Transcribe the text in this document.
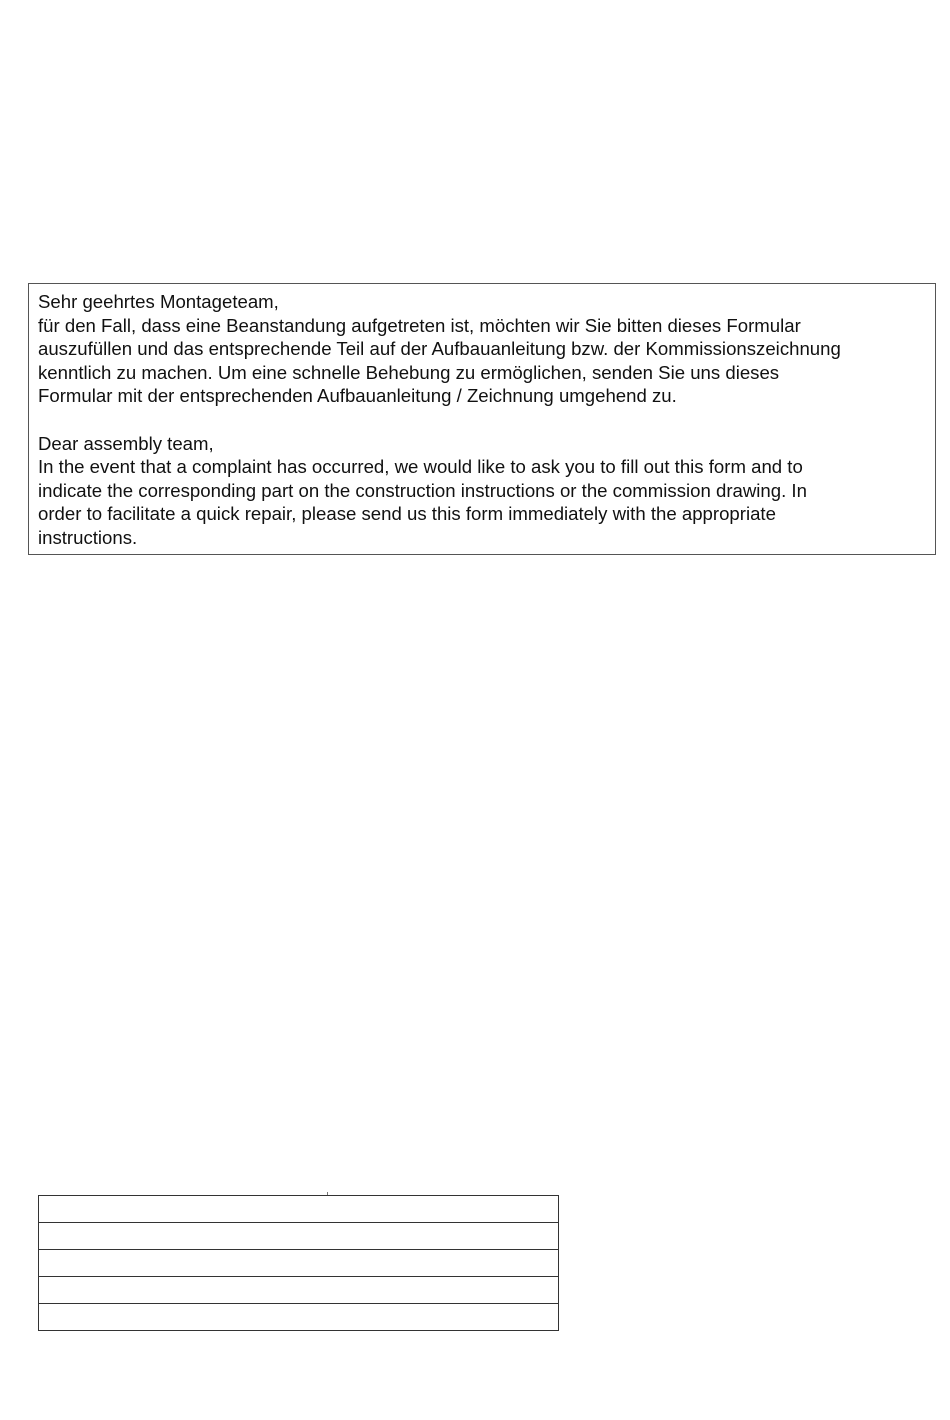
Sehr geehrtes Montageteam,
für den Fall, dass eine Beanstandung aufgetreten ist, möchten wir Sie bitten dieses Formular
auszufüllen und das entsprechende Teil auf der Aufbauanleitung bzw. der Kommissionszeichnung
kenntlich zu machen. Um eine schnelle Behebung zu ermöglichen, senden Sie uns dieses
Formular mit der entsprechenden Aufbauanleitung / Zeichnung umgehend zu.

Dear assembly team,
In the event that a complaint has occurred, we would like to ask you to fill out this form and to
indicate the corresponding part on the construction instructions or the commission drawing. In
order to facilitate a quick repair, please send us this form immediately with the appropriate
instructions.
